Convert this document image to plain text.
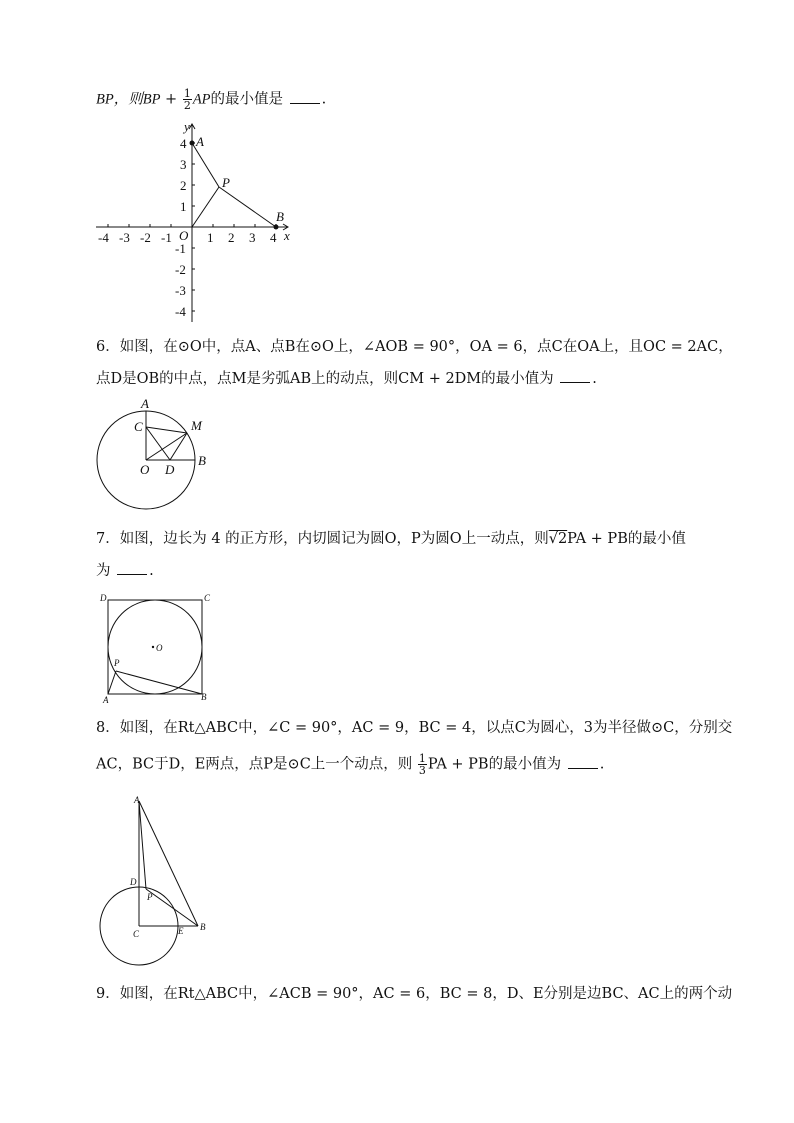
BP，则BP + $\frac{1}{2}$ AP的最小值是	.
y
x
O
A
P
B
-4 -3 -2 -1	1 2 3 4
4
3
2
1
-1
-2
-3
-4
6．如图，在⊙O中，点A、点B在⊙O上，∠AOB = 90°，OA = 6，点C在OA上，且OC = 2AC，
点D是OB的中点，点M是劣弧AB上的动点，则CM + 2DM的最小值为	.
A
C	M
O D
B
7．如图，边长为 4 的正方形，内切圆记为圆O，P为圆O上一动点，则√2PA + PB的最小值
为	.
D	C
O
P
A	B
8．如图，在Rt△ABC中，∠C = 90°，AC = 9，BC = 4，以点C为圆心，3为半径做⊙C，分别交
AC，BC于D，E两点，点P是⊙C上一个动点，则 $\frac{1}{3}$ PA + PB的最小值为	.
A
D
P
C	E B
9．如图，在Rt△ABC中，∠ACB = 90°，AC = 6，BC = 8，D、E分别是边BC、AC上的两个动
